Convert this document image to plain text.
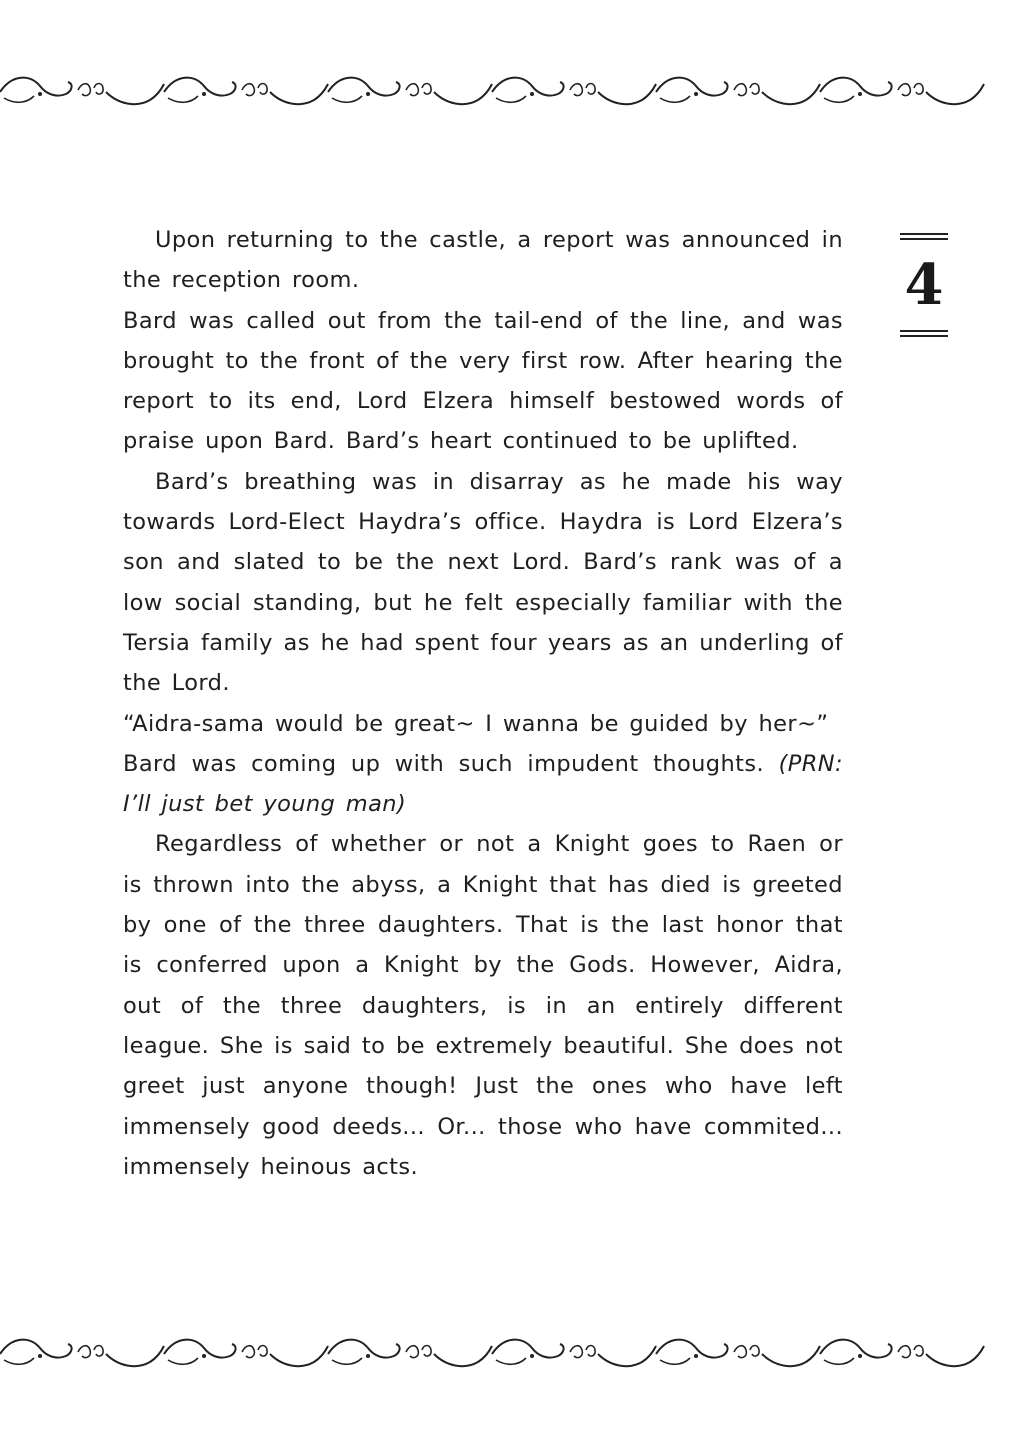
4

Upon returning to the castle, a report was announced in the reception room.

Bard was called out from the tail-end of the line, and was brought to the front of the very first row. After hearing the report to its end, Lord Elzera himself bestowed words of praise upon Bard. Bard’s heart continued to be uplifted.

Bard’s breathing was in disarray as he made his way towards Lord-Elect Haydra’s office. Haydra is Lord Elzera’s son and slated to be the next Lord. Bard’s rank was of a low social standing, but he felt especially familiar with the Tersia family as he had spent four years as an underling of the Lord.

“Aidra-sama would be great~ I wanna be guided by her~”

Bard was coming up with such impudent thoughts. (PRN: I’ll just bet young man)

Regardless of whether or not a Knight goes to Raen or is thrown into the abyss, a Knight that has died is greeted by one of the three daughters. That is the last honor that is conferred upon a Knight by the Gods. However, Aidra, out of the three daughters, is in an entirely different league. She is said to be extremely beautiful. She does not greet just anyone though! Just the ones who have left immensely good deeds... Or... those who have commited... immensely heinous acts.
